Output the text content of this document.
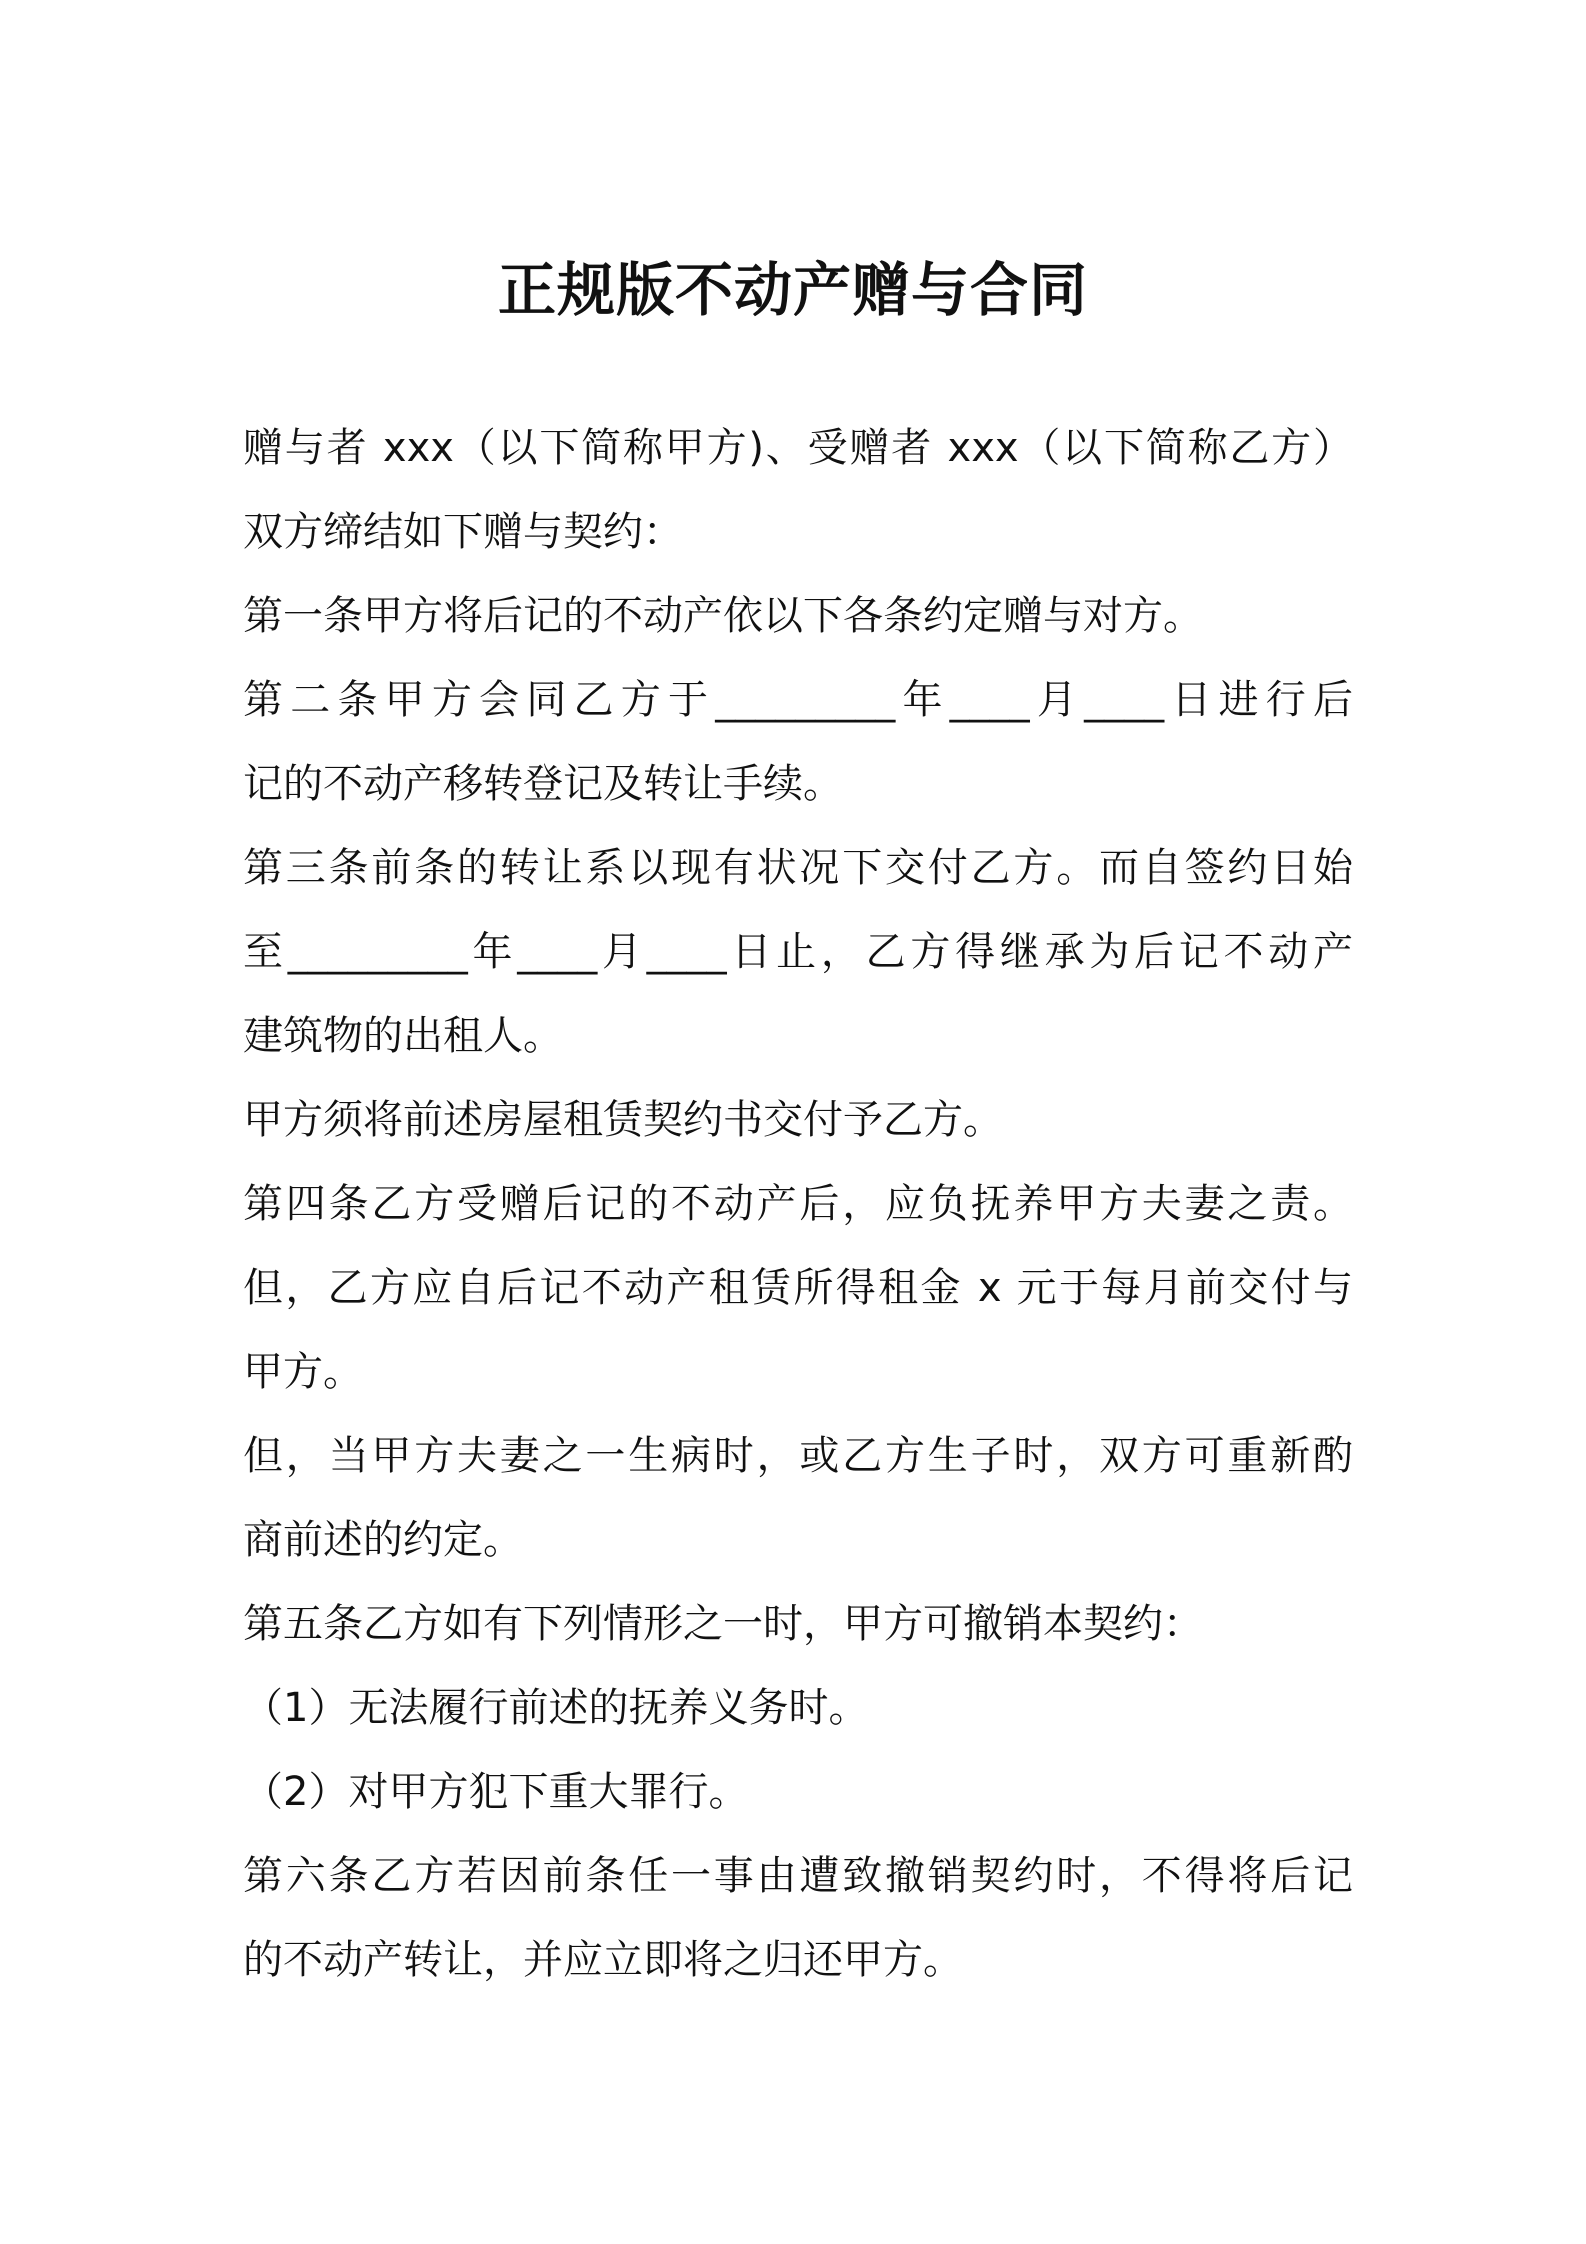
正规版不动产赠与合同
赠与者 xxx（以下简称甲方)、受赠者 xxx（以下简称乙方）
双方缔结如下赠与契约：
第一条甲方将后记的不动产依以下各条约定赠与对方。
第二条甲方会同乙方于_________年____月____日进行后
记的不动产移转登记及转让手续。
第三条前条的转让系以现有状况下交付乙方。而自签约日始
至_________年____月____日止，乙方得继承为后记不动产
建筑物的出租人。
甲方须将前述房屋租赁契约书交付予乙方。
第四条乙方受赠后记的不动产后，应负抚养甲方夫妻之责。
但，乙方应自后记不动产租赁所得租金 x 元于每月前交付与
甲方。
但，当甲方夫妻之一生病时，或乙方生子时，双方可重新酌
商前述的约定。
第五条乙方如有下列情形之一时，甲方可撤销本契约：
（1）无法履行前述的抚养义务时。
（2）对甲方犯下重大罪行。
第六条乙方若因前条任一事由遭致撤销契约时，不得将后记
的不动产转让，并应立即将之归还甲方。
